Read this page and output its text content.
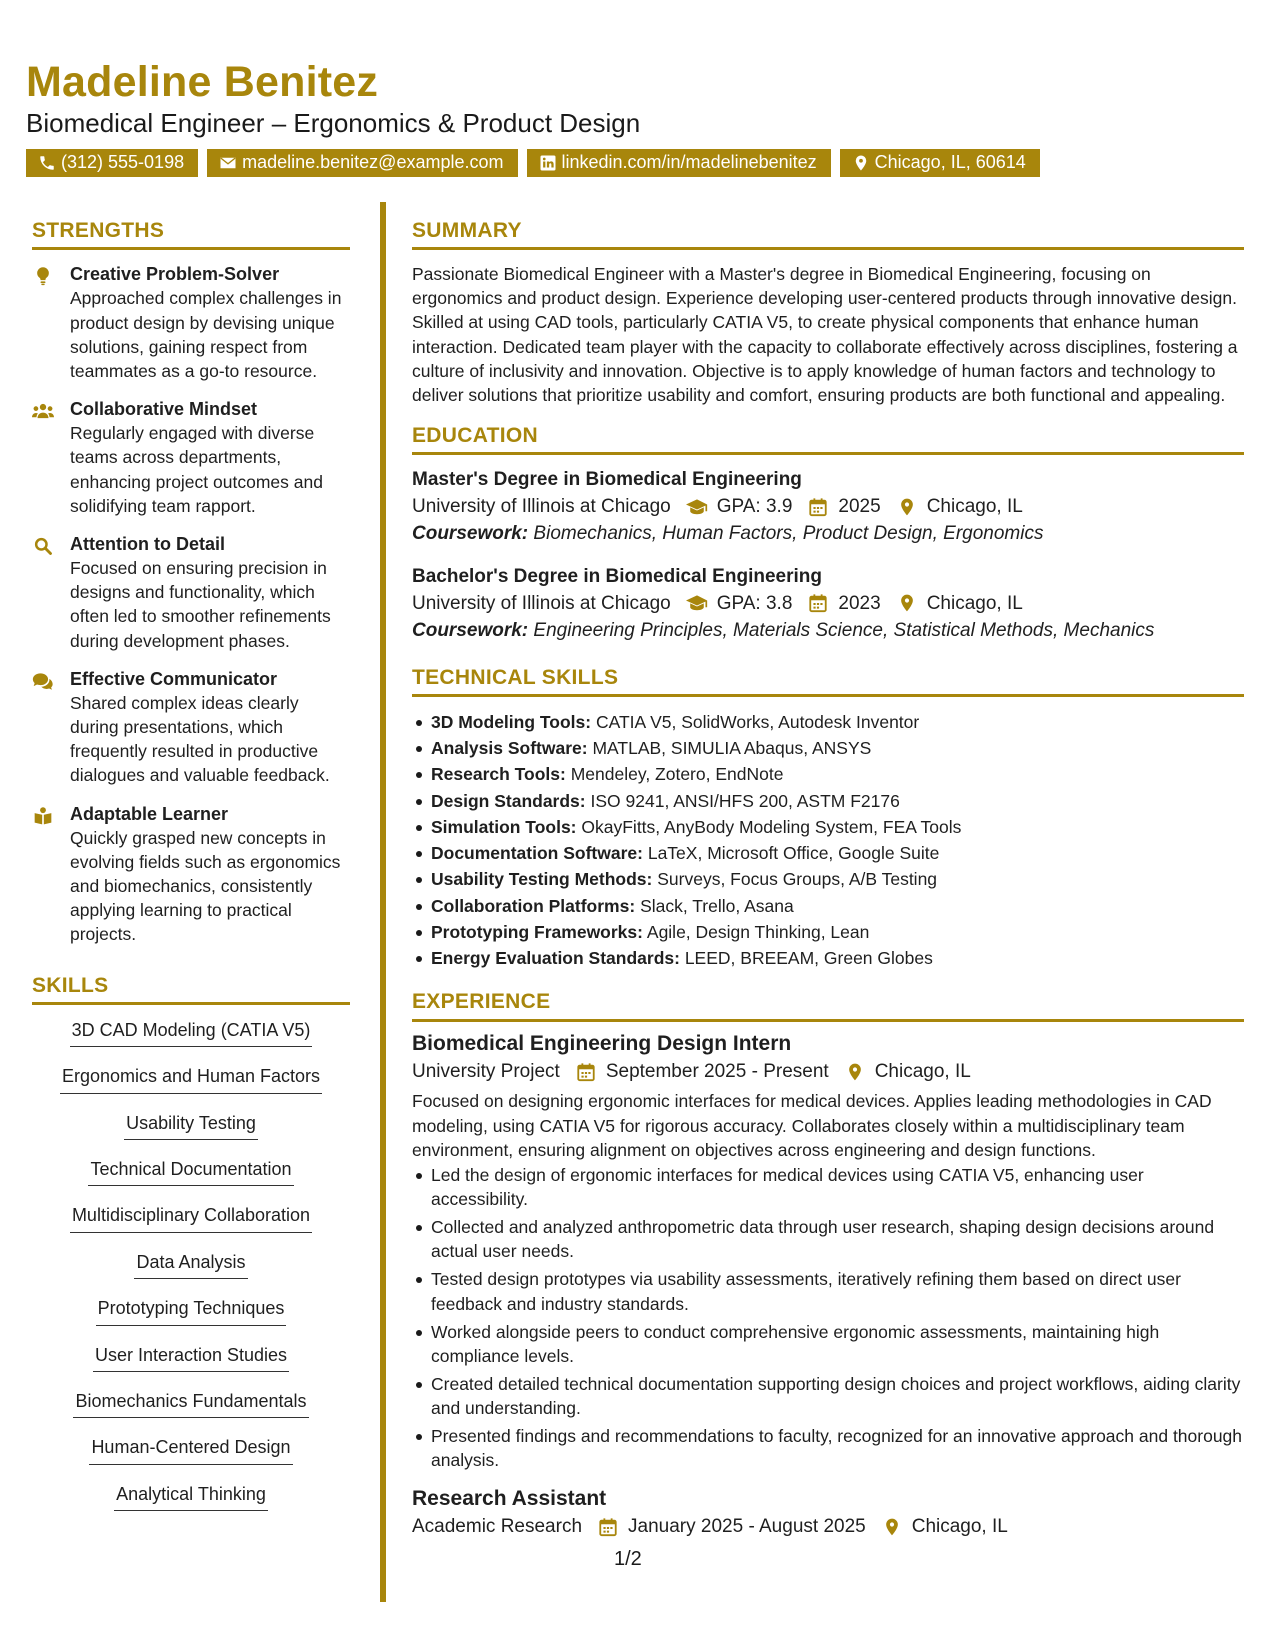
Madeline Benitez
Biomedical Engineer – Ergonomics & Product Design
(312) 555-0198	madeline.benitez@example.com	linkedin.com/in/madelinebenitez	Chicago, IL, 60614
STRENGTHS
Creative Problem-Solver
Approached complex challenges in product design by devising unique solutions, gaining respect from teammates as a go-to resource.
Collaborative Mindset
Regularly engaged with diverse teams across departments, enhancing project outcomes and solidifying team rapport.
Attention to Detail
Focused on ensuring precision in designs and functionality, which often led to smoother refinements during development phases.
Effective Communicator
Shared complex ideas clearly during presentations, which frequently resulted in productive dialogues and valuable feedback.
Adaptable Learner
Quickly grasped new concepts in evolving fields such as ergonomics and biomechanics, consistently applying learning to practical projects.
SKILLS
3D CAD Modeling (CATIA V5)
Ergonomics and Human Factors
Usability Testing
Technical Documentation
Multidisciplinary Collaboration
Data Analysis
Prototyping Techniques
User Interaction Studies
Biomechanics Fundamentals
Human-Centered Design
Analytical Thinking
SUMMARY
Passionate Biomedical Engineer with a Master's degree in Biomedical Engineering, focusing on ergonomics and product design. Experience developing user-centered products through innovative design. Skilled at using CAD tools, particularly CATIA V5, to create physical components that enhance human interaction. Dedicated team player with the capacity to collaborate effectively across disciplines, fostering a culture of inclusivity and innovation. Objective is to apply knowledge of human factors and technology to deliver solutions that prioritize usability and comfort, ensuring products are both functional and appealing.
EDUCATION
Master's Degree in Biomedical Engineering
University of Illinois at Chicago GPA: 3.9 2025 Chicago, IL
Coursework: Biomechanics, Human Factors, Product Design, Ergonomics
Bachelor's Degree in Biomedical Engineering
University of Illinois at Chicago GPA: 3.8 2023 Chicago, IL
Coursework: Engineering Principles, Materials Science, Statistical Methods, Mechanics
TECHNICAL SKILLS
3D Modeling Tools: CATIA V5, SolidWorks, Autodesk Inventor
Analysis Software: MATLAB, SIMULIA Abaqus, ANSYS
Research Tools: Mendeley, Zotero, EndNote
Design Standards: ISO 9241, ANSI/HFS 200, ASTM F2176
Simulation Tools: OkayFitts, AnyBody Modeling System, FEA Tools
Documentation Software: LaTeX, Microsoft Office, Google Suite
Usability Testing Methods: Surveys, Focus Groups, A/B Testing
Collaboration Platforms: Slack, Trello, Asana
Prototyping Frameworks: Agile, Design Thinking, Lean
Energy Evaluation Standards: LEED, BREEAM, Green Globes
EXPERIENCE
Biomedical Engineering Design Intern
University Project September 2025 - Present Chicago, IL
Focused on designing ergonomic interfaces for medical devices. Applies leading methodologies in CAD modeling, using CATIA V5 for rigorous accuracy. Collaborates closely within a multidisciplinary team environment, ensuring alignment on objectives across engineering and design functions.
Led the design of ergonomic interfaces for medical devices using CATIA V5, enhancing user accessibility.
Collected and analyzed anthropometric data through user research, shaping design decisions around actual user needs.
Tested design prototypes via usability assessments, iteratively refining them based on direct user feedback and industry standards.
Worked alongside peers to conduct comprehensive ergonomic assessments, maintaining high compliance levels.
Created detailed technical documentation supporting design choices and project workflows, aiding clarity and understanding.
Presented findings and recommendations to faculty, recognized for an innovative approach and thorough analysis.
Research Assistant
Academic Research January 2025 - August 2025 Chicago, IL
1/2
